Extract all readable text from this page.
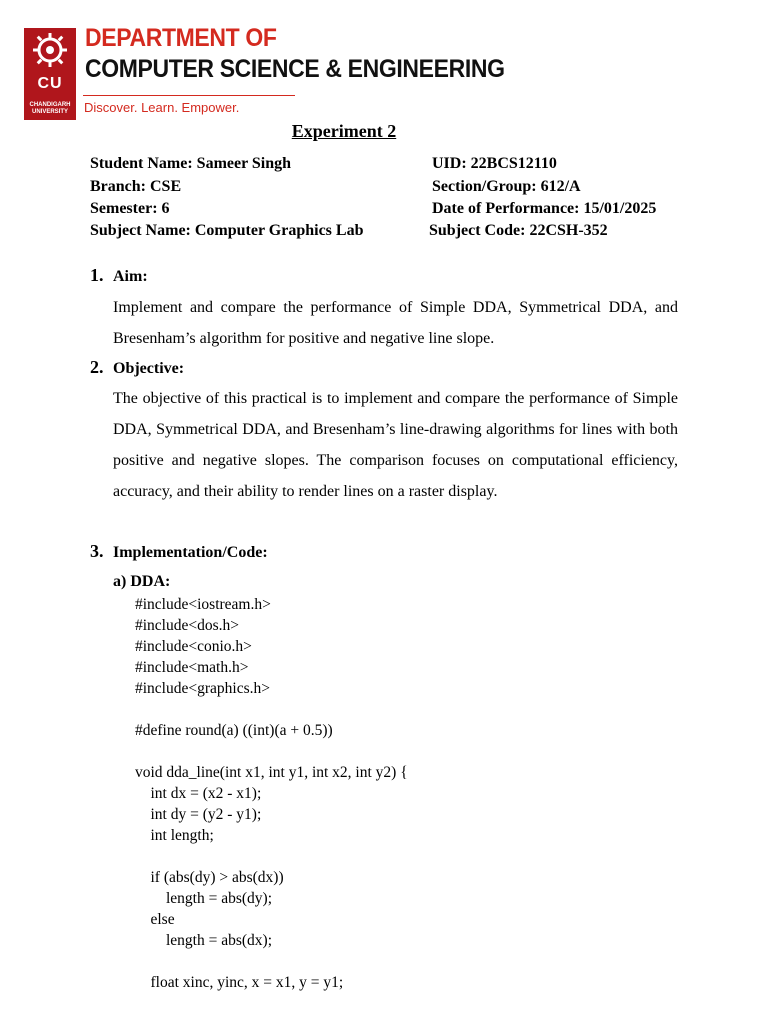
CU
CHANDIGARH UNIVERSITY
DEPARTMENT OF
COMPUTER SCIENCE & ENGINEERING
Discover. Learn. Empower.
Experiment 2
Student Name: Sameer Singh	UID: 22BCS12110
Branch: CSE	Section/Group: 612/A
Semester: 6	Date of Performance: 15/01/2025
Subject Name: Computer Graphics Lab	Subject Code: 22CSH-352
1. Aim:
Implement and compare the performance of Simple DDA, Symmetrical DDA, and Bresenham’s algorithm for positive and negative line slope.
2. Objective:
The objective of this practical is to implement and compare the performance of Simple DDA, Symmetrical DDA, and Bresenham’s line-drawing algorithms for lines with both positive and negative slopes. The comparison focuses on computational efficiency, accuracy, and their ability to render lines on a raster display.
3. Implementation/Code:
a) DDA:
#include<iostream.h>
#include<dos.h>
#include<conio.h>
#include<math.h>
#include<graphics.h>

#define round(a) ((int)(a + 0.5))

void dda_line(int x1, int y1, int x2, int y2) {
int dx = (x2 - x1);
int dy = (y2 - y1);
int length;

if (abs(dy) > abs(dx))
length = abs(dy);
else
length = abs(dx);

float xinc, yinc, x = x1, y = y1;
